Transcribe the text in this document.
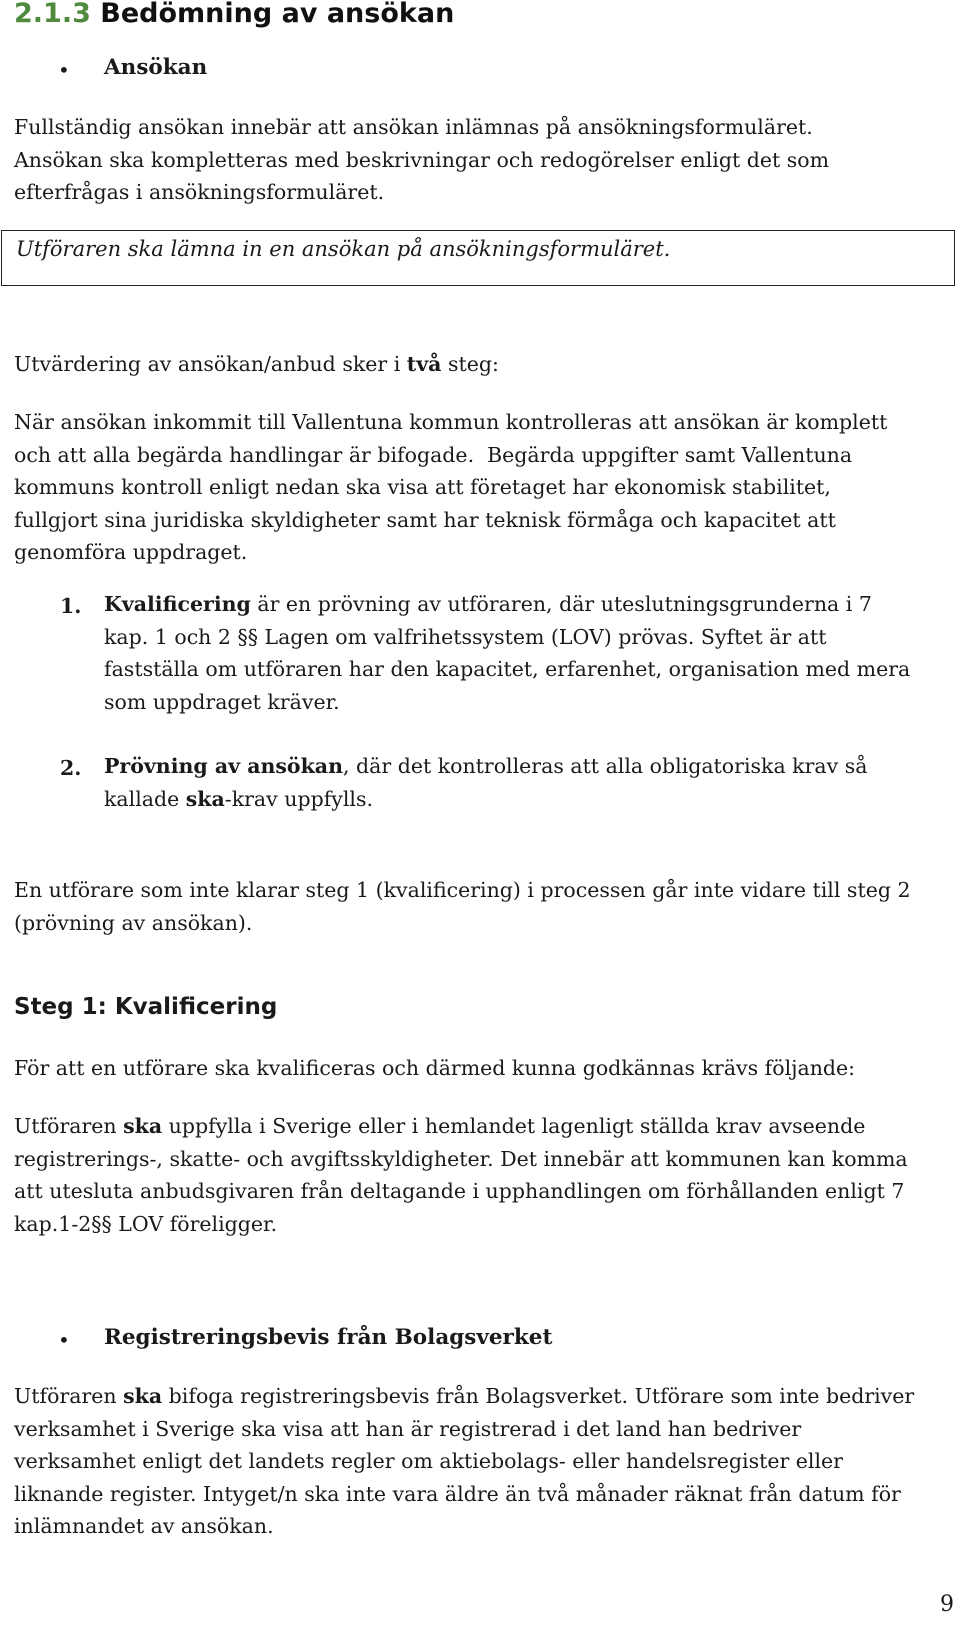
2.1.3 Bedömning av ansökan
• Ansökan
Fullständig ansökan innebär att ansökan inlämnas på ansökningsformuläret.
Ansökan ska kompletteras med beskrivningar och redogörelser enligt det som
efterfrågas i ansökningsformuläret.
Utföraren ska lämna in en ansökan på ansökningsformuläret.
Utvärdering av ansökan/anbud sker i två steg:
När ansökan inkommit till Vallentuna kommun kontrolleras att ansökan är komplett
och att alla begärda handlingar är bifogade.  Begärda uppgifter samt Vallentuna
kommuns kontroll enligt nedan ska visa att företaget har ekonomisk stabilitet,
fullgjort sina juridiska skyldigheter samt har teknisk förmåga och kapacitet att
genomföra uppdraget.
1. Kvalificering är en prövning av utföraren, där uteslutningsgrunderna i 7
kap. 1 och 2 §§ Lagen om valfrihetssystem (LOV) prövas. Syftet är att
fastställa om utföraren har den kapacitet, erfarenhet, organisation med mera
som uppdraget kräver.
2. Prövning av ansökan, där det kontrolleras att alla obligatoriska krav så
kallade ska-krav uppfylls.
En utförare som inte klarar steg 1 (kvalificering) i processen går inte vidare till steg 2
(prövning av ansökan).
Steg 1: Kvalificering
För att en utförare ska kvalificeras och därmed kunna godkännas krävs följande:
Utföraren ska uppfylla i Sverige eller i hemlandet lagenligt ställda krav avseende
registrerings-, skatte- och avgiftsskyldigheter. Det innebär att kommunen kan komma
att utesluta anbudsgivaren från deltagande i upphandlingen om förhållanden enligt 7
kap.1-2§§ LOV föreligger.
• Registreringsbevis från Bolagsverket
Utföraren ska bifoga registreringsbevis från Bolagsverket. Utförare som inte bedriver
verksamhet i Sverige ska visa att han är registrerad i det land han bedriver
verksamhet enligt det landets regler om aktiebolags- eller handelsregister eller
liknande register. Intyget/n ska inte vara äldre än två månader räknat från datum för
inlämnandet av ansökan.
9
